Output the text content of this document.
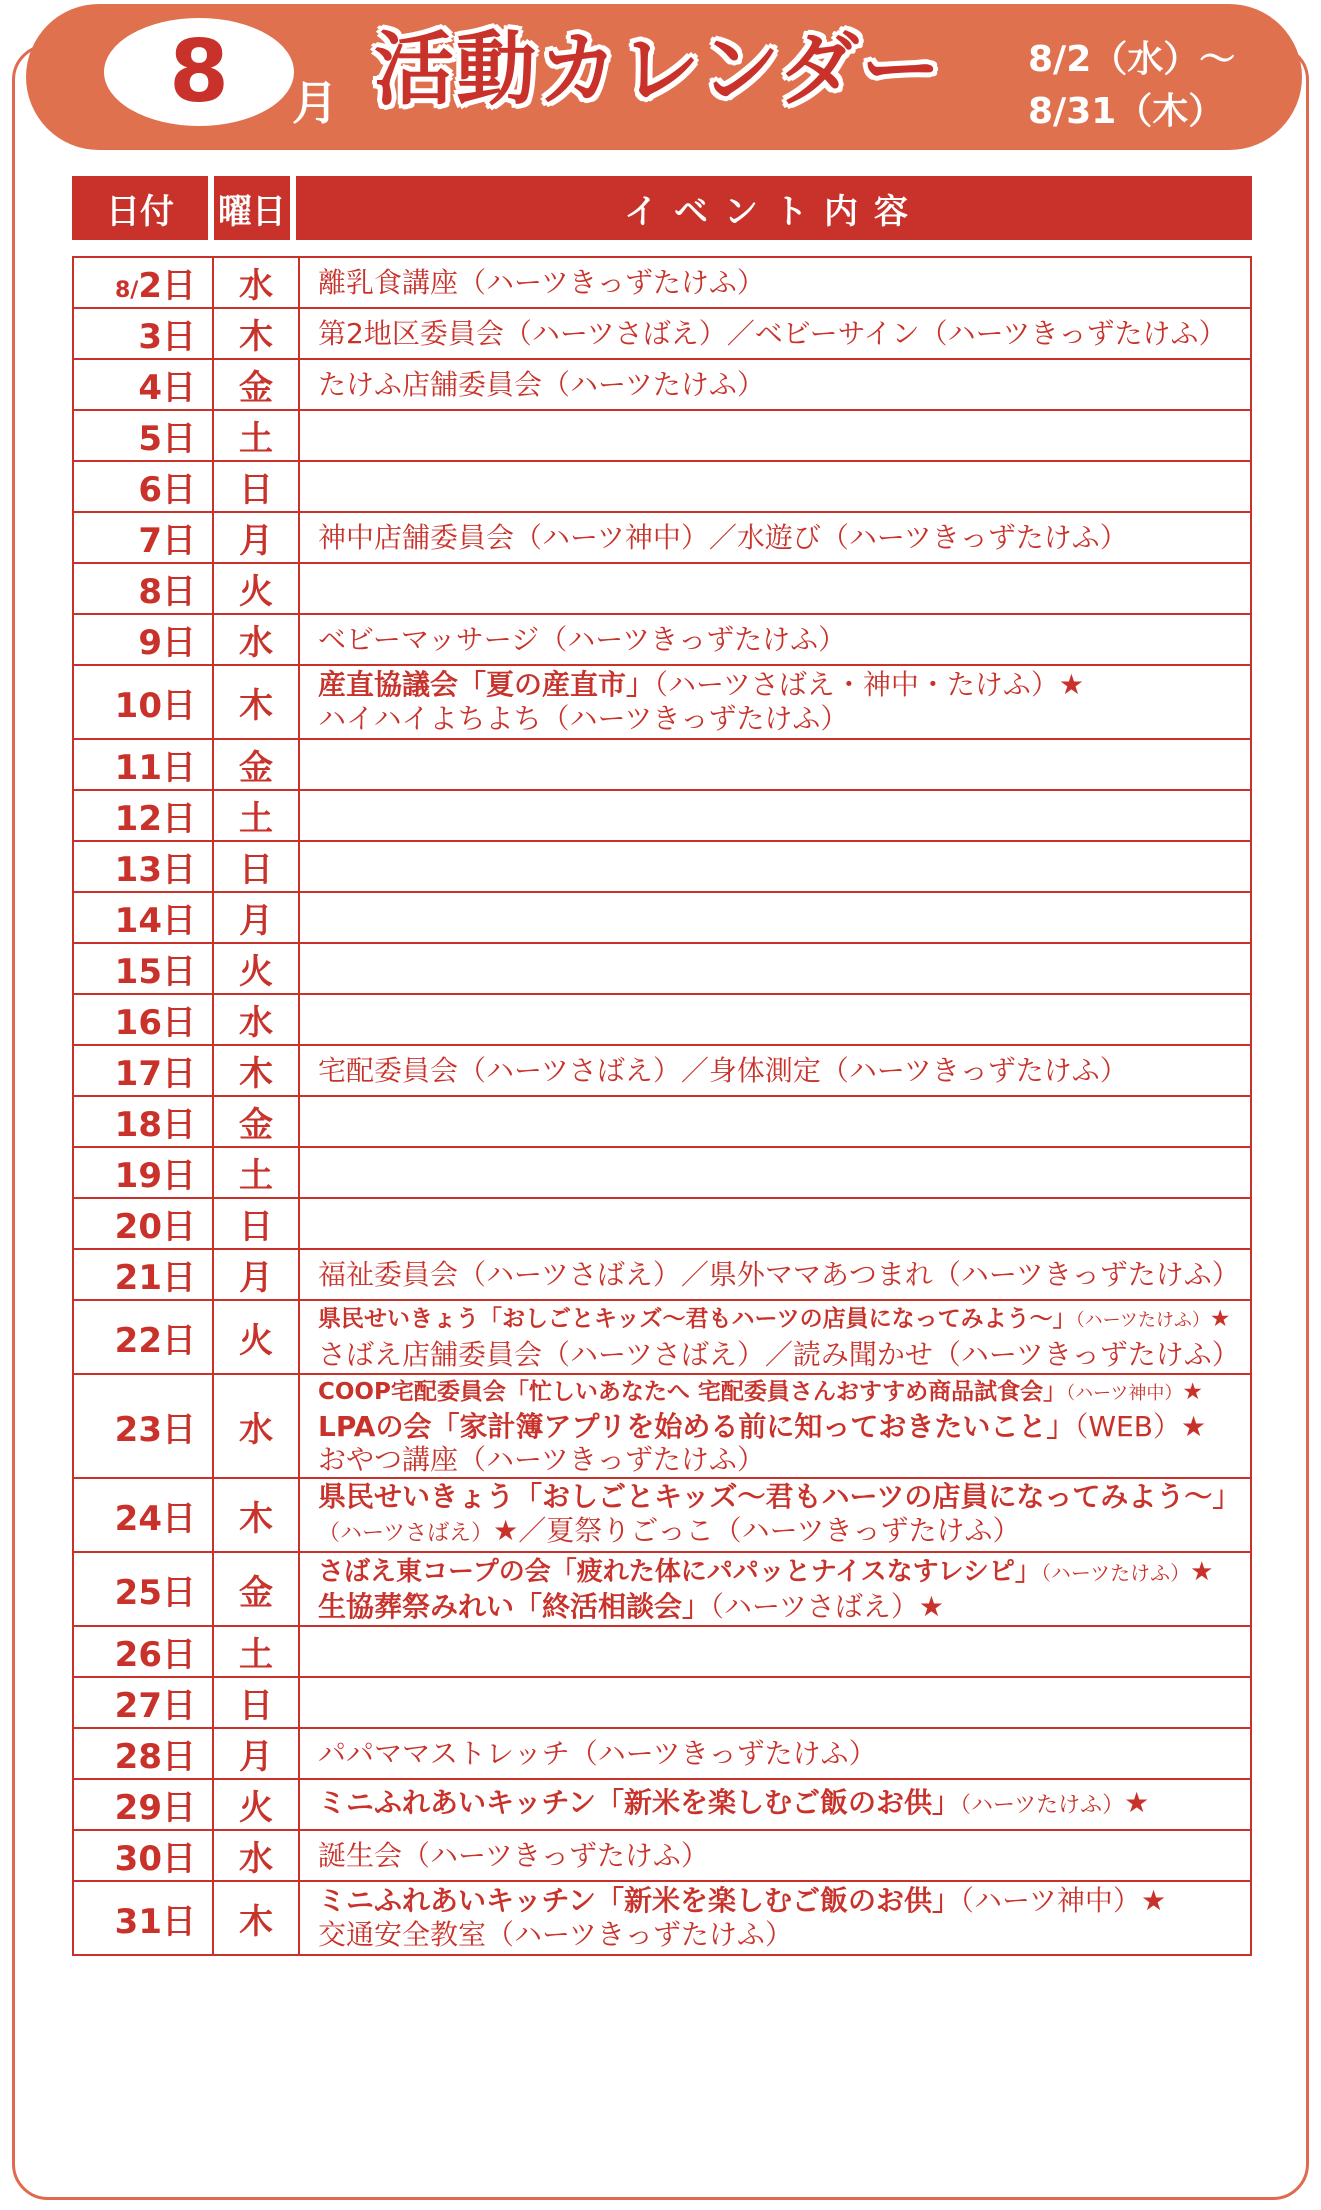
8 月 活動カレンダー 8/2（水）〜
8/31（木）
日付	曜日	イベント内容
8/2日	水	離乳食講座（ハーツきっずたけふ）

3日	木	第2地区委員会（ハーツさばえ）／ベビーサイン（ハーツきっずたけふ）

4日	金	たけふ店舗委員会（ハーツたけふ）

5日	土	
6日	日	
7日	月	神中店舗委員会（ハーツ神中）／水遊び（ハーツきっずたけふ）

8日	火	
9日	水	ベビーマッサージ（ハーツきっずたけふ）

10日	木	産直協議会「夏の産直市」（ハーツさばえ・神中・たけふ）★
ハイハイよちよち（ハーツきっずたけふ）

11日	金	
12日	土	
13日	日	
14日	月	
15日	火	
16日	水	
17日	木	宅配委員会（ハーツさばえ）／身体測定（ハーツきっずたけふ）

18日	金	
19日	土	
20日	日	
21日	月	福祉委員会（ハーツさばえ）／県外ママあつまれ（ハーツきっずたけふ）

22日	火	県民せいきょう「おしごとキッズ〜君もハーツの店員になってみよう〜」（ハーツたけふ）★
さばえ店舗委員会（ハーツさばえ）／読み聞かせ（ハーツきっずたけふ）

23日	水	COOP宅配委員会「忙しいあなたへ 宅配委員さんおすすめ商品試食会」（ハーツ神中）★
LPAの会「家計簿アプリを始める前に知っておきたいこと」（WEB）★
おやつ講座（ハーツきっずたけふ）

24日	木	県民せいきょう「おしごとキッズ〜君もハーツの店員になってみよう〜」
（ハーツさばえ）★／夏祭りごっこ（ハーツきっずたけふ）

25日	金	さばえ東コープの会「疲れた体にパパッとナイスなすレシピ」（ハーツたけふ）★
生協葬祭みれい「終活相談会」（ハーツさばえ）★

26日	土	
27日	日	
28日	月	パパママストレッチ（ハーツきっずたけふ）

29日	火	ミニふれあいキッチン「新米を楽しむご飯のお供」（ハーツたけふ）★

30日	水	誕生会（ハーツきっずたけふ）

31日	木	ミニふれあいキッチン「新米を楽しむご飯のお供」（ハーツ神中）★
交通安全教室（ハーツきっずたけふ）
